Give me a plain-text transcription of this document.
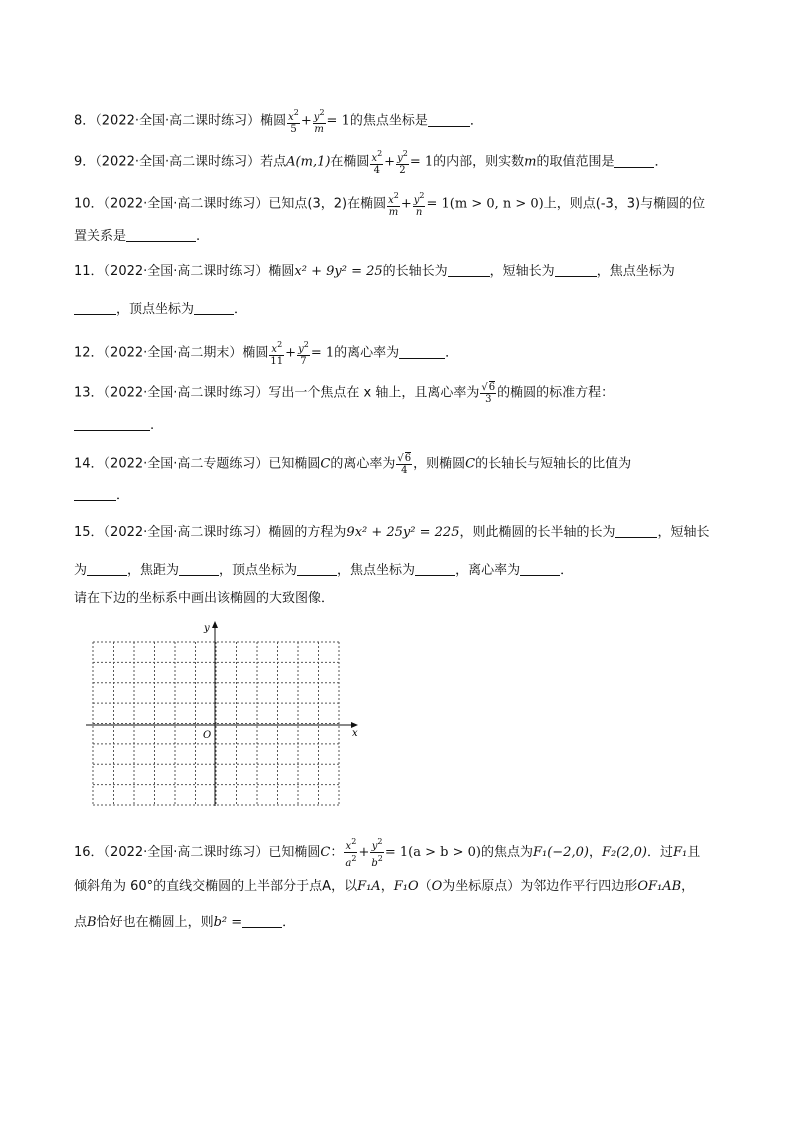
8．（2022·全国·高二课时练习）椭圆 $\frac{x^2}{5} + \frac{y^2}{m} = 1$的焦点坐标是	．
9．（2022·全国·高二课时练习）若点A(m,1)在椭圆 $\frac{x^2}{4} + \frac{y^2}{2} = 1$的内部，则实数m的取值范围是	．
10．（2022·全国·高二课时练习）已知点(3，2)在椭圆 $\frac{x^2}{m} + \frac{y^2}{n} = 1(m > 0$, n > 0)上，则点(-3，3)与椭圆的位
置关系是	.
11．（2022·全国·高二课时练习）椭圆x² + 9y² = 25的长轴长为	，短轴长为	，焦点坐标为
，顶点坐标为	．
12．（2022·全国·高二期末）椭圆 $\frac{x^2}{11} + \frac{y^2}{7} = 1$的离心率为	．
13．（2022·全国·高二课时练习）写出一个焦点在 x 轴上，且离心率为 $\frac{√6}{3}$ 的椭圆的标准方程：
.
14．（2022·全国·高二专题练习）已知椭圆C的离心率为 $\frac{√6}{4}$ ，则椭圆C的长轴长与短轴长的比值为
．
15．（2022·全国·高二课时练习）椭圆的方程为9x² + 25y² = 225，则此椭圆的长半轴的长为	，短轴长
为	，焦距为	，顶点坐标为	，焦点坐标为	，离心率为	．
请在下边的坐标系中画出该椭圆的大致图像．
x
y
O
16．（2022·全国·高二课时练习）已知椭圆C： $\frac{x^2}{a^2} + \frac{y^2}{b^2} = 1(a > b > 0)$的焦点为F₁(−2,0)，F₂(2,0)．过F₁且
倾斜角为 60°的直线交椭圆的上半部分于点A，以F₁A，F₁O（O为坐标原点）为邻边作平行四边形OF₁AB，
点B恰好也在椭圆上，则b² =	．
